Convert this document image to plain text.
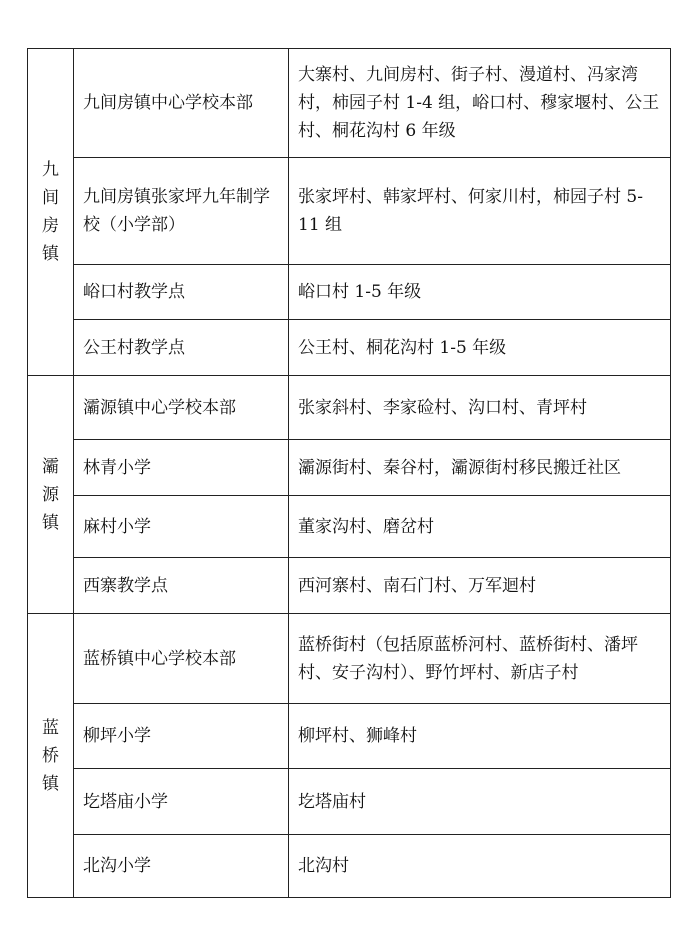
九间房镇	九间房镇中心学校本部	大寨村、九间房村、街子村、漫道村、冯家湾村，柿园子村 1-4 组，峪口村、穆家堰村、公王村、桐花沟村 6 年级
	九间房镇张家坪九年制学校（小学部）	张家坪村、韩家坪村、何家川村，柿园子村 5-11 组
	峪口村教学点	峪口村 1-5 年级
	公王村教学点	公王村、桐花沟村 1-5 年级

灞源镇	灞源镇中心学校本部	张家斜村、李家硷村、沟口村、青坪村
	林青小学	灞源街村、秦谷村，灞源街村移民搬迁社区
	麻村小学	董家沟村、磨岔村
	西寨教学点	西河寨村、南石门村、万军迴村

蓝桥镇	蓝桥镇中心学校本部	蓝桥街村（包括原蓝桥河村、蓝桥街村、潘坪村、安子沟村）、野竹坪村、新店子村
	柳坪小学	柳坪村、狮峰村
	圪塔庙小学	圪塔庙村
	北沟小学	北沟村
